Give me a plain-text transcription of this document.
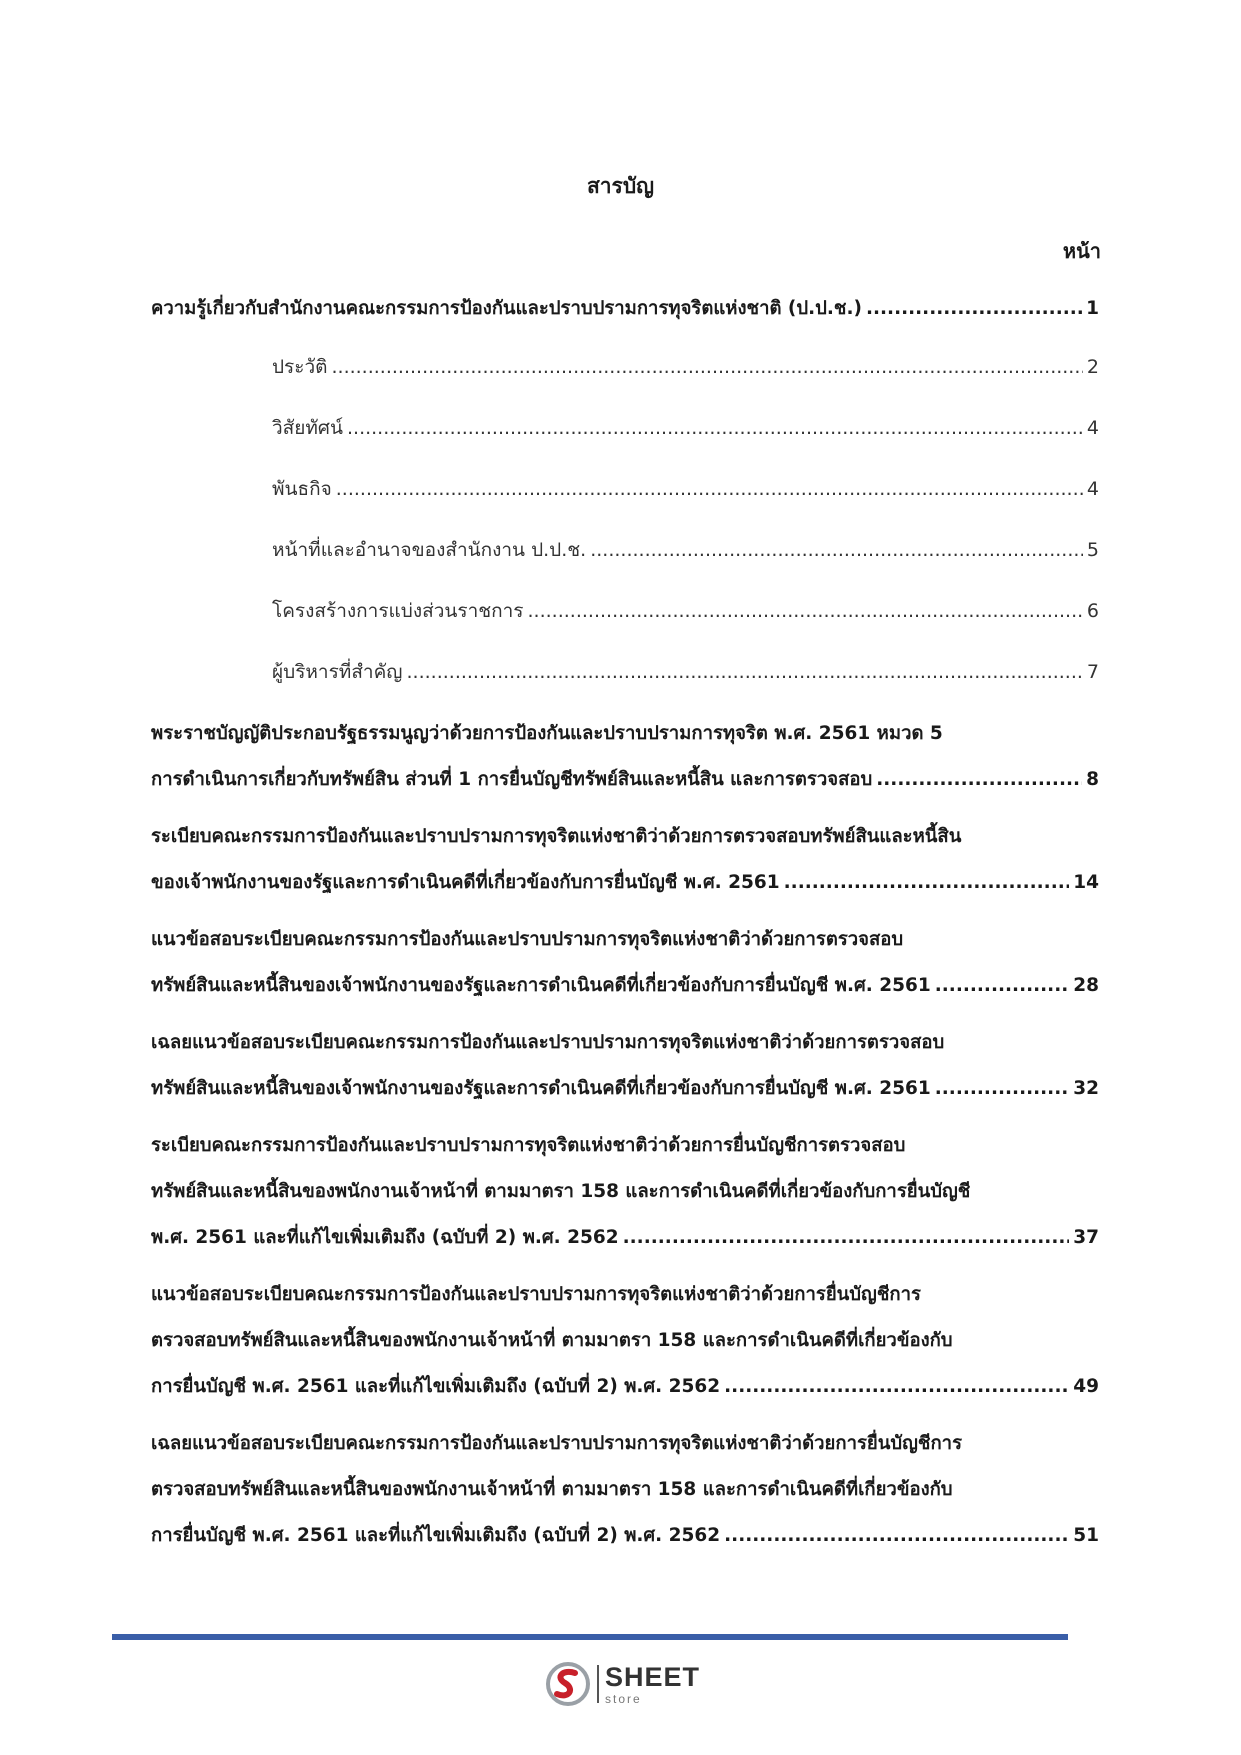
สารบัญ
หน้า
ความรู้เกี่ยวกับสำนักงานคณะกรรมการป้องกันและปราบปรามการทุจริตแห่งชาติ (ป.ป.ช.) .....	1
ประวัติ .....	2
วิสัยทัศน์ .....	4
พันธกิจ .....	4
หน้าที่และอำนาจของสำนักงาน ป.ป.ช. .....	5
โครงสร้างการแบ่งส่วนราชการ .....	6
ผู้บริหารที่สำคัญ .....	7
พระราชบัญญัติประกอบรัฐธรรมนูญว่าด้วยการป้องกันและปราบปรามการทุจริต พ.ศ. 2561 หมวด 5
การดำเนินการเกี่ยวกับทรัพย์สิน ส่วนที่ 1 การยื่นบัญชีทรัพย์สินและหนี้สิน และการตรวจสอบ .....	8
ระเบียบคณะกรรมการป้องกันและปราบปรามการทุจริตแห่งชาติว่าด้วยการตรวจสอบทรัพย์สินและหนี้สิน
ของเจ้าพนักงานของรัฐและการดำเนินคดีที่เกี่ยวข้องกับการยื่นบัญชี พ.ศ. 2561 .....	14
แนวข้อสอบระเบียบคณะกรรมการป้องกันและปราบปรามการทุจริตแห่งชาติว่าด้วยการตรวจสอบ
ทรัพย์สินและหนี้สินของเจ้าพนักงานของรัฐและการดำเนินคดีที่เกี่ยวข้องกับการยื่นบัญชี พ.ศ. 2561 .....	28
เฉลยแนวข้อสอบระเบียบคณะกรรมการป้องกันและปราบปรามการทุจริตแห่งชาติว่าด้วยการตรวจสอบ
ทรัพย์สินและหนี้สินของเจ้าพนักงานของรัฐและการดำเนินคดีที่เกี่ยวข้องกับการยื่นบัญชี พ.ศ. 2561 .....	32
ระเบียบคณะกรรมการป้องกันและปราบปรามการทุจริตแห่งชาติว่าด้วยการยื่นบัญชีการตรวจสอบ
ทรัพย์สินและหนี้สินของพนักงานเจ้าหน้าที่ ตามมาตรา 158 และการดำเนินคดีที่เกี่ยวข้องกับการยื่นบัญชี
พ.ศ. 2561 และที่แก้ไขเพิ่มเติมถึง (ฉบับที่ 2) พ.ศ. 2562 .....	37
แนวข้อสอบระเบียบคณะกรรมการป้องกันและปราบปรามการทุจริตแห่งชาติว่าด้วยการยื่นบัญชีการ
ตรวจสอบทรัพย์สินและหนี้สินของพนักงานเจ้าหน้าที่ ตามมาตรา 158 และการดำเนินคดีที่เกี่ยวข้องกับ
การยื่นบัญชี พ.ศ. 2561 และที่แก้ไขเพิ่มเติมถึง (ฉบับที่ 2) พ.ศ. 2562 .....	49
เฉลยแนวข้อสอบระเบียบคณะกรรมการป้องกันและปราบปรามการทุจริตแห่งชาติว่าด้วยการยื่นบัญชีการ
ตรวจสอบทรัพย์สินและหนี้สินของพนักงานเจ้าหน้าที่ ตามมาตรา 158 และการดำเนินคดีที่เกี่ยวข้องกับ
การยื่นบัญชี พ.ศ. 2561 และที่แก้ไขเพิ่มเติมถึง (ฉบับที่ 2) พ.ศ. 2562 .....	51
SHEET
store
